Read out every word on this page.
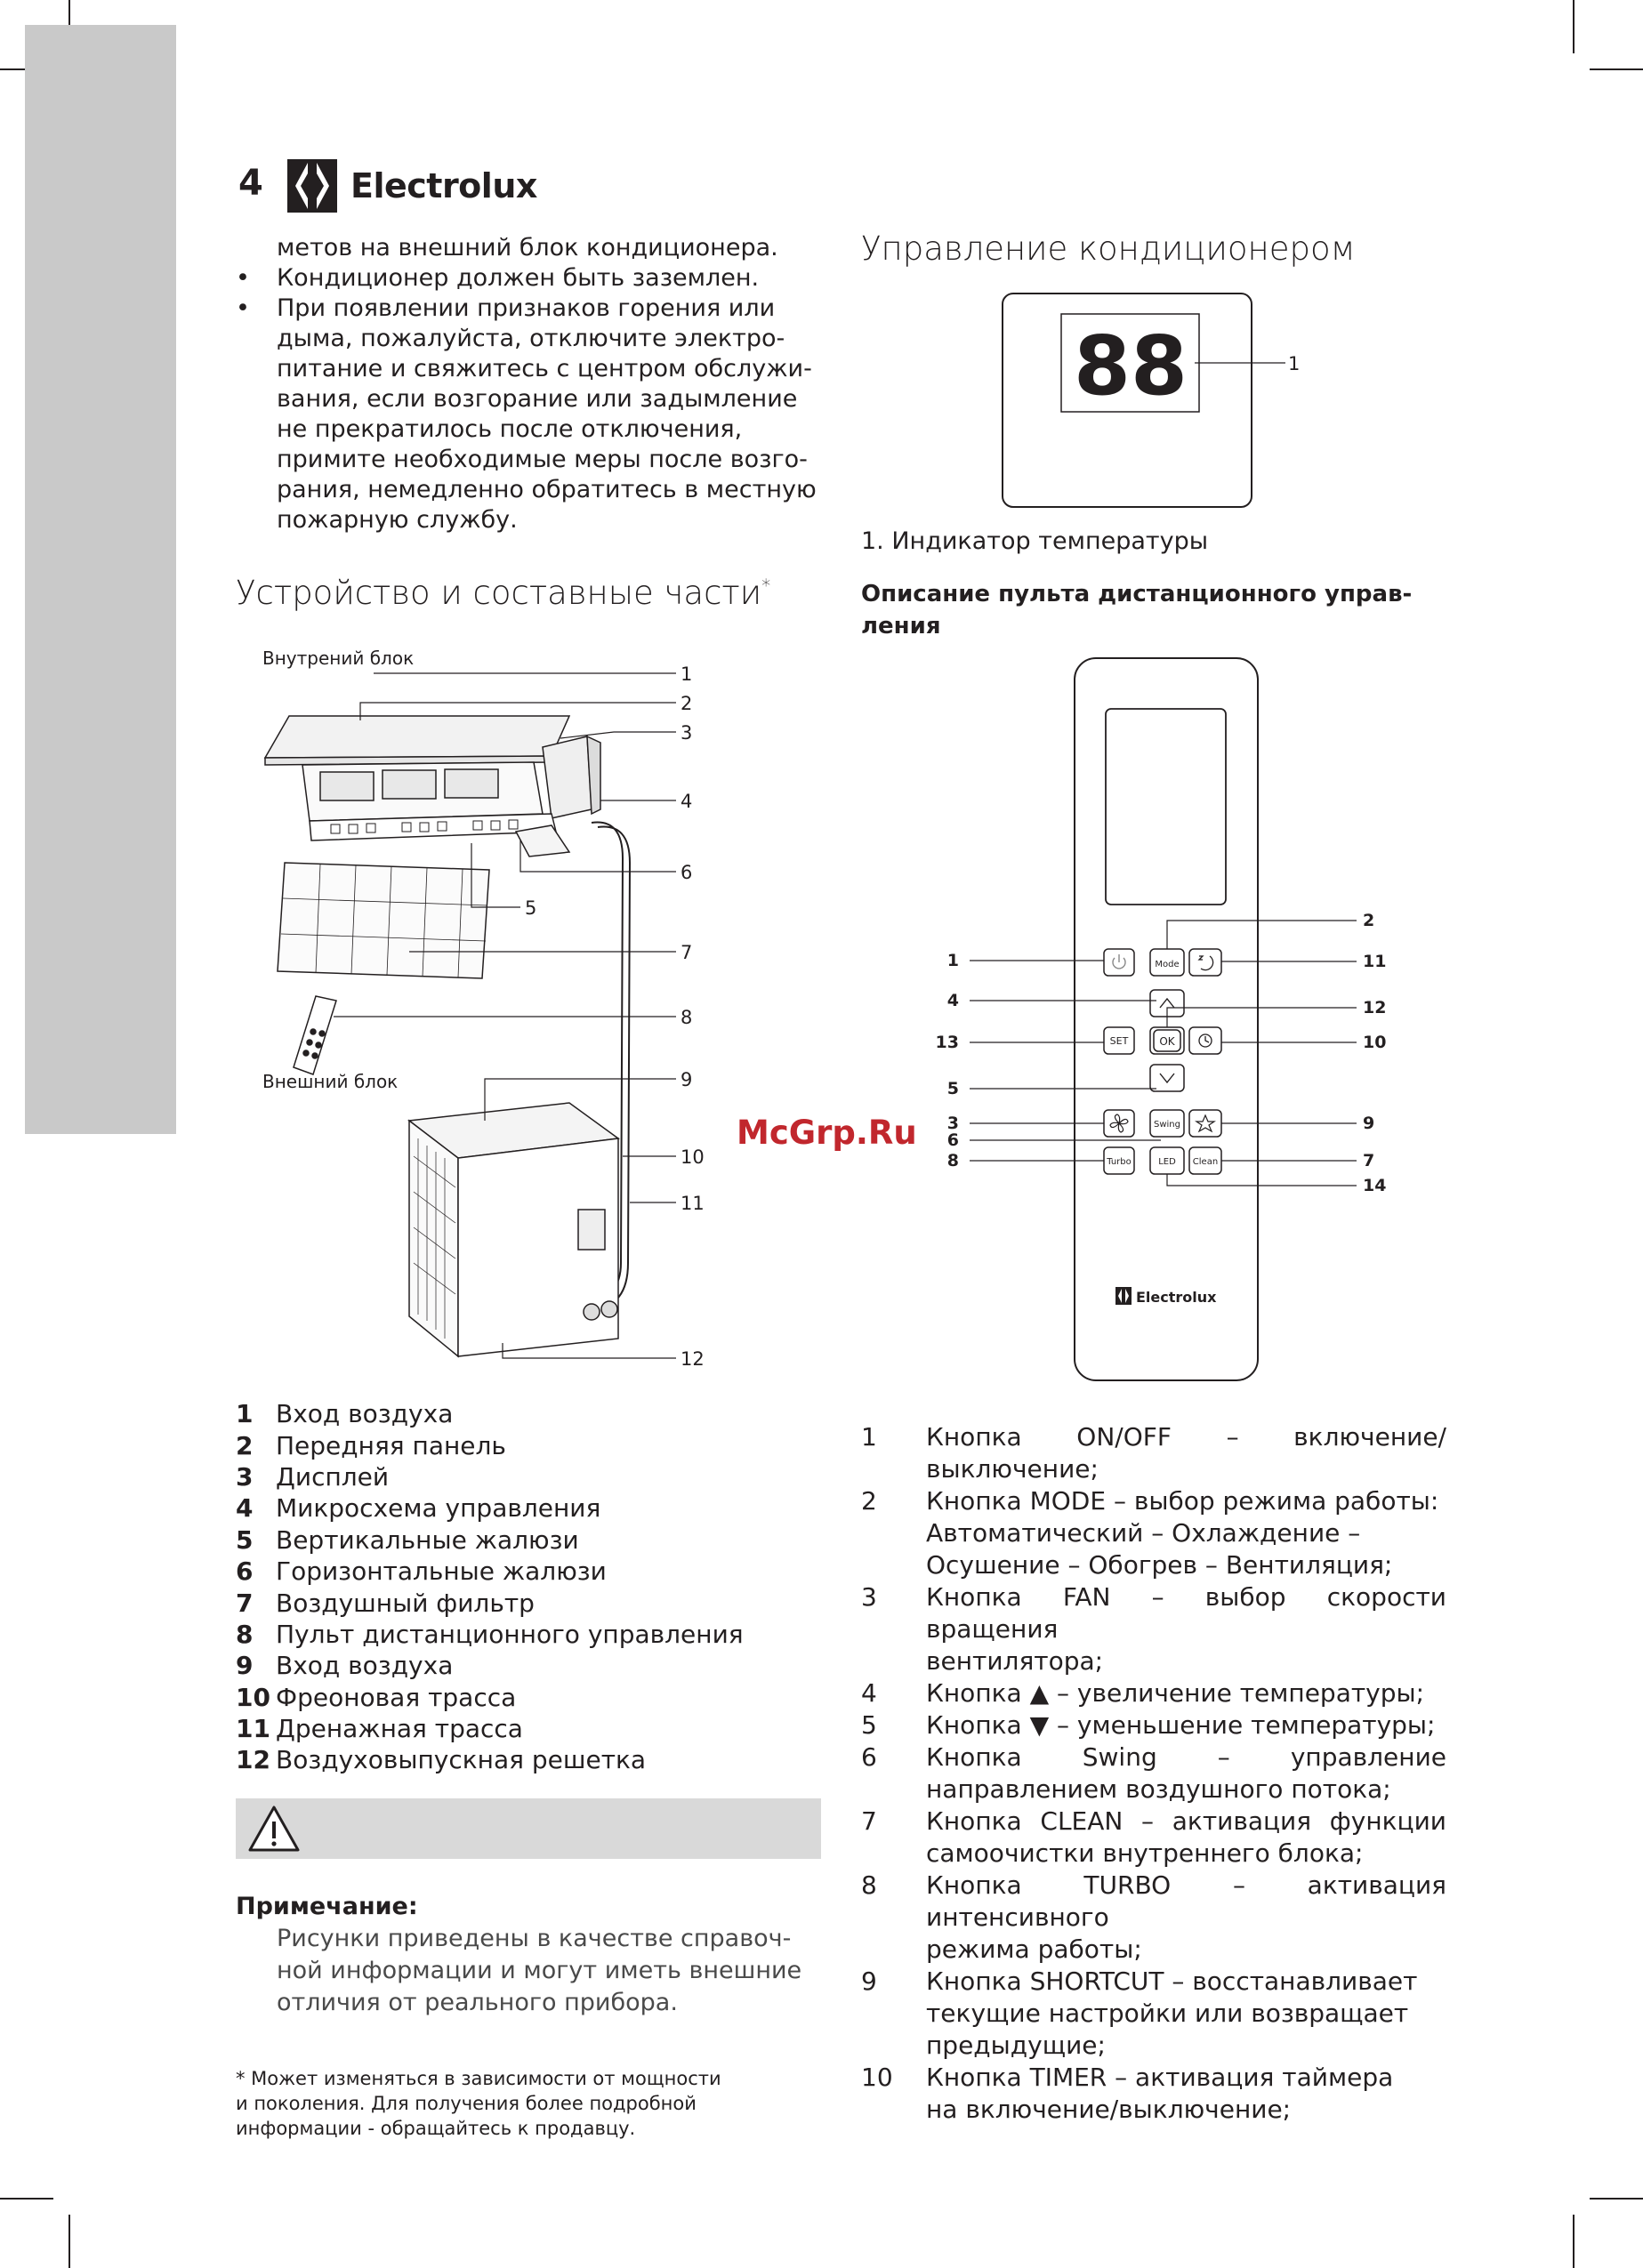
4	Electrolux
метов на внешний блок кондиционера.
•	Кондиционер должен быть заземлен.
•	При появлении признаков горения или
дыма, пожалуйста, отключите электро-
питание и свяжитесь с центром обслужи-
вания, если возгорание или задымление
не прекратилось после отключения,
примите необходимые меры после возго-
рания, немедленно обратитесь в местную
пожарную службу.
Устройство и составные части*
Внутрений блок
Внешний блок
1
2
3
4
5
6
7
8
9
10
11
12
1 Вход воздуха
2 Передняя панель
3 Дисплей
4 Микросхема управления
5 Вертикальные жалюзи
6 Горизонтальные жалюзи
7 Воздушный фильтр
8 Пульт дистанционного управления
9 Вход воздуха
10 Фреоновая трасса
11 Дренажная трасса
12 Воздуховыпускная решетка
Примечание:
Рисунки приведены в качестве справоч-
ной информации и могут иметь внешние
отличия от реального прибора.
* Может изменяться в зависимости от мощности
и поколения. Для получения более подробной
информации - обращайтесь к продавцу.
Управление кондиционером
88	1
1. Индикатор температуры
Описание пульта дистанционного управ-
ления
Mode
SET	OK
Swing
Turbo	LED Clean
Electrolux
1
4
13
5
3
6
8
2
11
12
10
9
7
14
McGrp.Ru
1	Кнопка ON/OFF – включение/
выключение;
2	Кнопка MODE – выбор режима работы:
Автоматический – Охлаждение –
Осушение – Обогрев – Вентиляция;
3	Кнопка FAN – выбор скорости вращения
вентилятора;
4	Кнопка ▲ – увеличение температуры;
5	Кнопка ▼ – уменьшение температуры;
6	Кнопка Swing – управление
направлением воздушного потока;
7	Кнопка CLEAN – активация функции
самоочистки внутреннего блока;
8	Кнопка TURBO – активация интенсивного
режима работы;
9	Кнопка SHORTCUT – восстанавливает
текущие настройки или возвращает
предыдущие;
10	Кнопка TIMER – активация таймера
на включение/выключение;
